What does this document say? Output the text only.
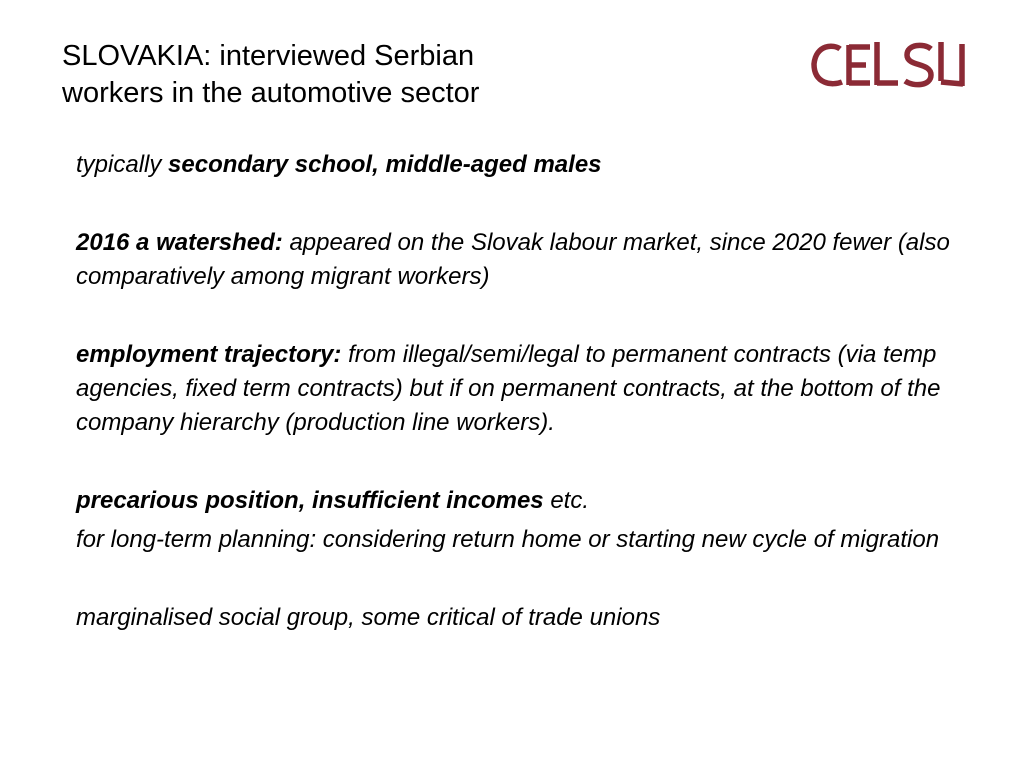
SLOVAKIA: interviewed Serbian
workers in the automotive sector
CELSI

typically secondary school, middle-aged males

2016 a watershed: appeared on the Slovak labour market, since 2020 fewer (also comparatively among migrant workers)

employment trajectory: from illegal/semi/legal to permanent contracts (via temp agencies, fixed term contracts) but if on permanent contracts, at the bottom of the company hierarchy (production line workers).

precarious position, insufficient incomes etc.

for long-term planning: considering return home or starting new cycle of migration

marginalised social group, some critical of trade unions
